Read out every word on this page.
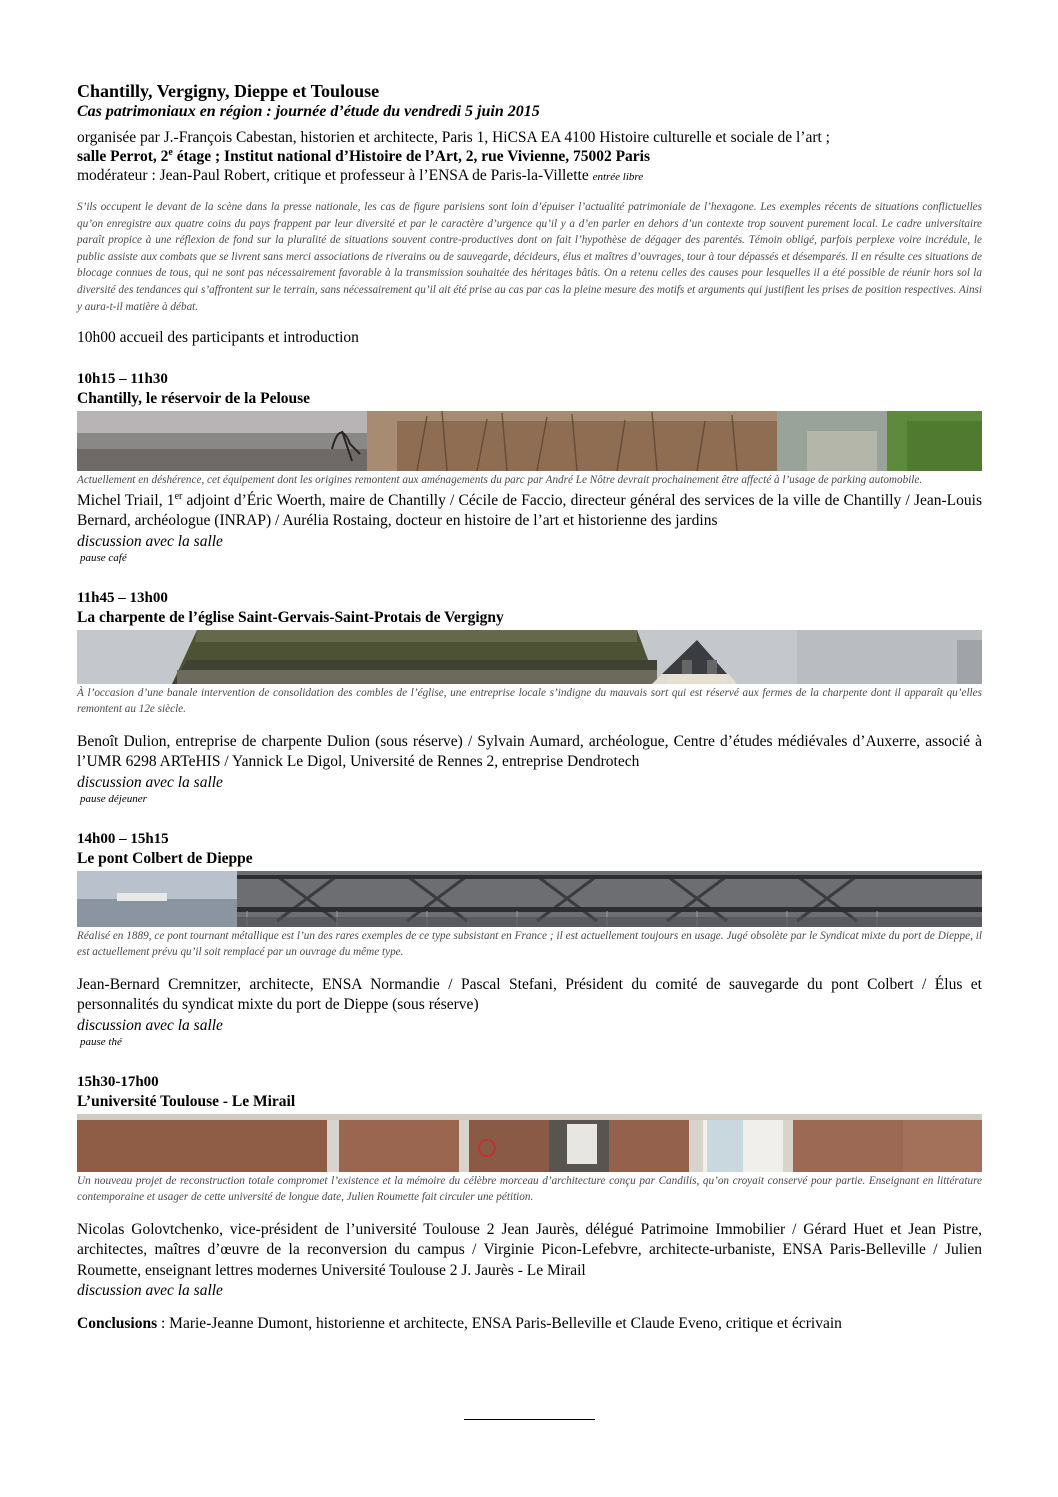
Chantilly, Vergigny, Dieppe et Toulouse
Cas patrimoniaux en région : journée d’étude du vendredi 5 juin 2015
organisée par J.-François Cabestan, historien et architecte, Paris 1, HiCSA EA 4100 Histoire culturelle et sociale de l’art ;
salle Perrot, 2e étage ; Institut national d’Histoire de l’Art, 2, rue Vivienne, 75002 Paris
modérateur : Jean-Paul Robert, critique et professeur à l’ENSA de Paris-la-Villette entrée libre
S’ils occupent le devant de la scène dans la presse nationale, les cas de figure parisiens sont loin d’épuiser l’actualité patrimoniale de l’hexagone. Les exemples récents de situations conflictuelles qu’on enregistre aux quatre coins du pays frappent par leur diversité et par le caractère d’urgence qu’il y a d’en parler en dehors d’un contexte trop souvent purement local. Le cadre universitaire paraît propice à une réflexion de fond sur la pluralité de situations souvent contre-productives dont on fait l’hypothèse de dégager des parentés. Témoin obligé, parfois perplexe voire incrédule, le public assiste aux combats que se livrent sans merci associations de riverains ou de sauvegarde, décideurs, élus et maîtres d’ouvrages, tour à tour dépassés et désemparés. Il en résulte ces situations de blocage connues de tous, qui ne sont pas nécessairement favorable à la transmission souhaitée des héritages bâtis. On a retenu celles des causes pour lesquelles il a été possible de réunir hors sol la diversité des tendances qui s’affrontent sur le terrain, sans nécessairement qu’il ait été prise au cas par cas la pleine mesure des motifs et arguments qui justifient les prises de position respectives. Ainsi y aura-t-il matière à débat.
10h00 accueil des participants et introduction
10h15 – 11h30
Chantilly, le réservoir de la Pelouse
Actuellement en déshérence, cet équipement dont les origines remontent aux aménagements du parc par André Le Nôtre devrait prochainement être affecté à l’usage de parking automobile.
Michel Triail, 1er adjoint d’Éric Woerth, maire de Chantilly / Cécile de Faccio, directeur général des services de la ville de Chantilly / Jean-Louis Bernard, archéologue (INRAP) / Aurélia Rostaing, docteur en histoire de l’art et historienne des jardins
discussion avec la salle
pause café
11h45 – 13h00
La charpente de l’église Saint-Gervais-Saint-Protais de Vergigny
À l’occasion d’une banale intervention de consolidation des combles de l’église, une entreprise locale s’indigne du mauvais sort qui est réservé aux fermes de la charpente dont il apparaît qu’elles remontent au 12e siècle.
Benoît Dulion, entreprise de charpente Dulion (sous réserve) / Sylvain Aumard, archéologue, Centre d’études médiévales d’Auxerre, associé à l’UMR 6298 ARTeHIS / Yannick Le Digol, Université de Rennes 2, entreprise Dendrotech
discussion avec la salle
pause déjeuner
14h00 – 15h15
Le pont Colbert de Dieppe
Réalisé en 1889, ce pont tournant métallique est l’un des rares exemples de ce type subsistant en France ; il est actuellement toujours en usage. Jugé obsolète par le Syndicat mixte du port de Dieppe, il est actuellement prévu qu’il soit remplacé par un ouvrage du même type.
Jean-Bernard Cremnitzer, architecte, ENSA Normandie / Pascal Stefani, Président du comité de sauvegarde du pont Colbert / Élus et personnalités du syndicat mixte du port de Dieppe (sous réserve)
discussion avec la salle
pause thé
15h30-17h00
L’université Toulouse - Le Mirail
Un nouveau projet de reconstruction totale compromet l’existence et la mémoire du célèbre morceau d’architecture conçu par Candilis, qu’on croyait conservé pour partie. Enseignant en littérature contemporaine et usager de cette université de longue date, Julien Roumette fait circuler une pétition.
Nicolas Golovtchenko, vice-président de l’université Toulouse 2 Jean Jaurès, délégué Patrimoine Immobilier / Gérard Huet et Jean Pistre, architectes, maîtres d’œuvre de la reconversion du campus / Virginie Picon-Lefebvre, architecte-urbaniste, ENSA Paris-Belleville / Julien Roumette, enseignant lettres modernes Université Toulouse 2 J. Jaurès - Le Mirail
discussion avec la salle
Conclusions : Marie-Jeanne Dumont, historienne et architecte, ENSA Paris-Belleville et Claude Eveno, critique et écrivain
